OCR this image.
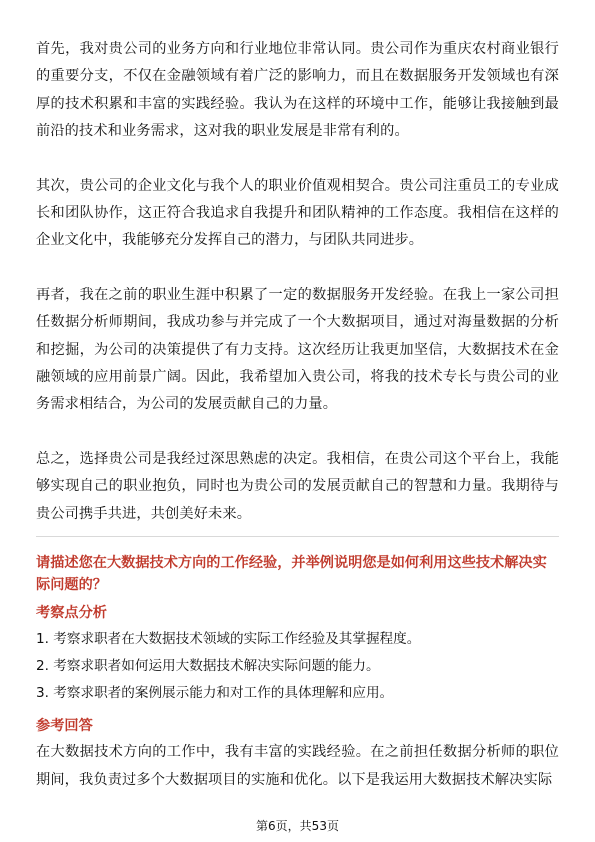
首先，我对贵公司的业务方向和行业地位非常认同。贵公司作为重庆农村商业银行的重要分支，不仅在金融领域有着广泛的影响力，而且在数据服务开发领域也有深厚的技术积累和丰富的实践经验。我认为在这样的环境中工作，能够让我接触到最前沿的技术和业务需求，这对我的职业发展是非常有利的。

其次，贵公司的企业文化与我个人的职业价值观相契合。贵公司注重员工的专业成长和团队协作，这正符合我追求自我提升和团队精神的工作态度。我相信在这样的企业文化中，我能够充分发挥自己的潜力，与团队共同进步。

再者，我在之前的职业生涯中积累了一定的数据服务开发经验。在我上一家公司担任数据分析师期间，我成功参与并完成了一个大数据项目，通过对海量数据的分析和挖掘，为公司的决策提供了有力支持。这次经历让我更加坚信，大数据技术在金融领域的应用前景广阔。因此，我希望加入贵公司，将我的技术专长与贵公司的业务需求相结合，为公司的发展贡献自己的力量。

总之，选择贵公司是我经过深思熟虑的决定。我相信，在贵公司这个平台上，我能够实现自己的职业抱负，同时也为贵公司的发展贡献自己的智慧和力量。我期待与贵公司携手共进，共创美好未来。

请描述您在大数据技术方向的工作经验，并举例说明您是如何利用这些技术解决实际问题的？

考察点分析

1. 考察求职者在大数据技术领域的实际工作经验及其掌握程度。
2. 考察求职者如何运用大数据技术解决实际问题的能力。
3. 考察求职者的案例展示能力和对工作的具体理解和应用。

参考回答

在大数据技术方向的工作中，我有丰富的实践经验。在之前担任数据分析师的职位期间，我负责过多个大数据项目的实施和优化。以下是我运用大数据技术解决实际

第6页，共53页
